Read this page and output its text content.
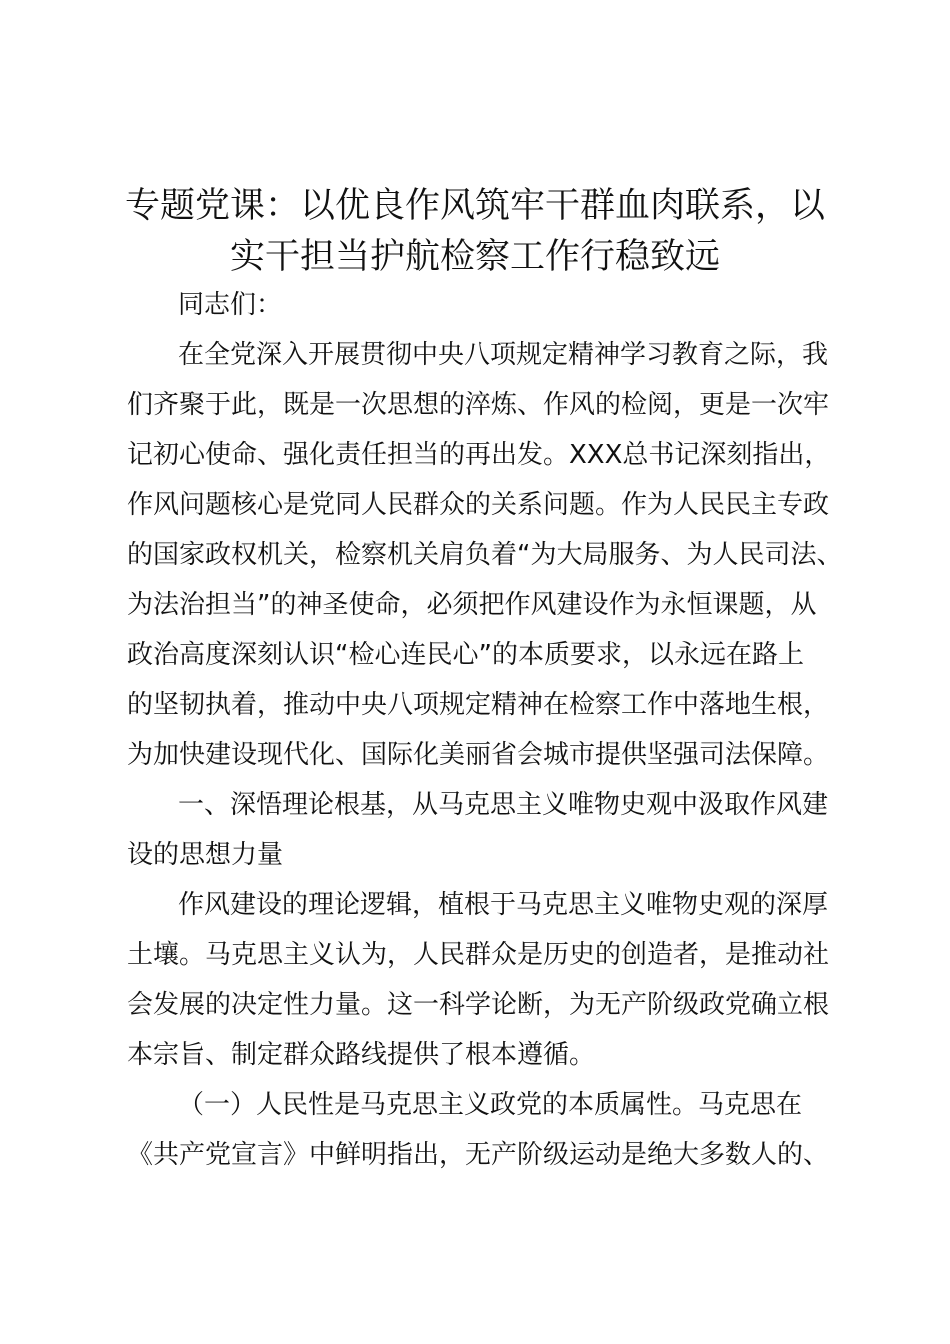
专题党课：以优良作风筑牢干群血肉联系，以
实干担当护航检察工作行稳致远
同志们：
在全党深入开展贯彻中央八项规定精神学习教育之际，我
们齐聚于此，既是一次思想的淬炼、作风的检阅，更是一次牢
记初心使命、强化责任担当的再出发。XXX总书记深刻指出，
作风问题核心是党同人民群众的关系问题。作为人民民主专政
的国家政权机关，检察机关肩负着“为大局服务、为人民司法、
为法治担当”的神圣使命，必须把作风建设作为永恒课题，从
政治高度深刻认识“检心连民心”的本质要求，以永远在路上
的坚韧执着，推动中央八项规定精神在检察工作中落地生根，
为加快建设现代化、国际化美丽省会城市提供坚强司法保障。
一、深悟理论根基，从马克思主义唯物史观中汲取作风建
设的思想力量
作风建设的理论逻辑，植根于马克思主义唯物史观的深厚
土壤。马克思主义认为，人民群众是历史的创造者，是推动社
会发展的决定性力量。这一科学论断，为无产阶级政党确立根
本宗旨、制定群众路线提供了根本遵循。
（一）人民性是马克思主义政党的本质属性。马克思在
《共产党宣言》中鲜明指出，无产阶级运动是绝大多数人的、
